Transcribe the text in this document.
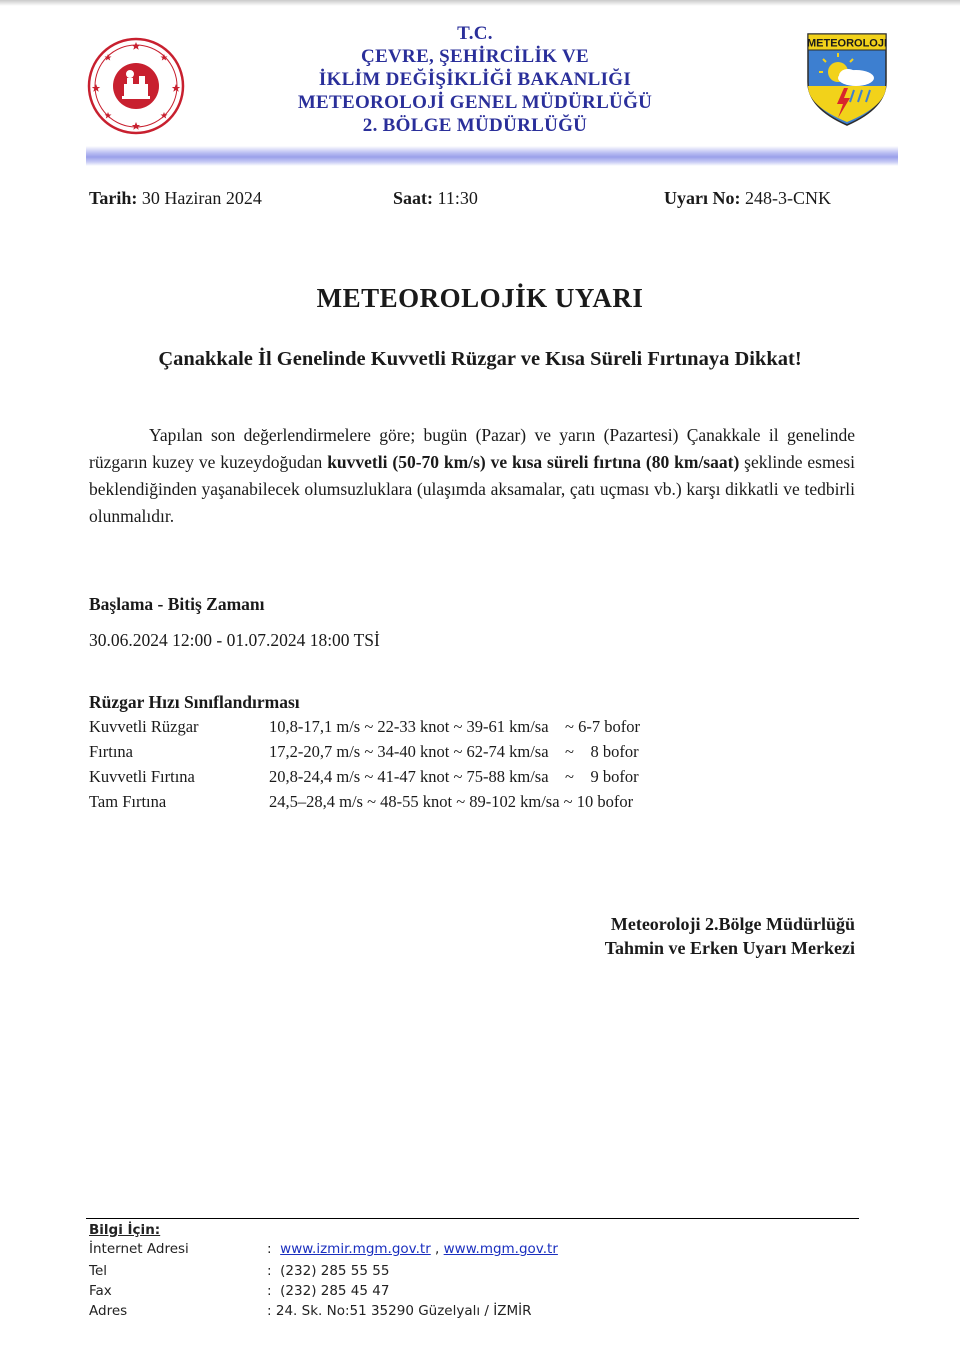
T.C.
ÇEVRE, ŞEHİRCİLİK VE
İKLİM DEĞİŞİKLİĞİ BAKANLIĞI
METEOROLOJİ GENEL MÜDÜRLÜĞÜ
2. BÖLGE MÜDÜRLÜĞÜ
METEOROLOJI
Tarih: 30 Haziran 2024	Saat: 11:30	Uyarı No: 248-3-CNK
METEOROLOJİK UYARI
Çanakkale İl Genelinde Kuvvetli Rüzgar ve Kısa Süreli Fırtınaya Dikkat!
Yapılan son değerlendirmelere göre; bugün (Pazar) ve yarın (Pazartesi) Çanakkale il genelinde rüzgarın kuzey ve kuzeydoğudan kuvvetli (50-70 km/s) ve kısa süreli fırtına (80 km/saat) şeklinde esmesi beklendiğinden yaşanabilecek olumsuzluklara (ulaşımda aksamalar, çatı uçması vb.) karşı dikkatli ve tedbirli olunmalıdır.
Başlama - Bitiş Zamanı
30.06.2024 12:00 - 01.07.2024 18:00 TSİ
Rüzgar Hızı Sınıflandırması
Kuvvetli Rüzgar	10,8-17,1 m/s ~ 22-33 knot ~ 39-61 km/sa    ~ 6-7 bofor
Fırtına	17,2-20,7 m/s ~ 34-40 knot ~ 62-74 km/sa    ~    8 bofor
Kuvvetli Fırtına	20,8-24,4 m/s ~ 41-47 knot ~ 75-88 km/sa    ~    9 bofor
Tam Fırtına	24,5–28,4 m/s ~ 48-55 knot ~ 89-102 km/sa ~ 10 bofor
Meteoroloji 2.Bölge Müdürlüğü
Tahmin ve Erken Uyarı Merkezi
Bilgi İçin:
İnternet Adresi	: www.izmir.mgm.gov.tr , www.mgm.gov.tr
Tel	: (232) 285 55 55
Fax	: (232) 285 45 47
Adres	: 24. Sk. No:51 35290 Güzelyalı / İZMİR
